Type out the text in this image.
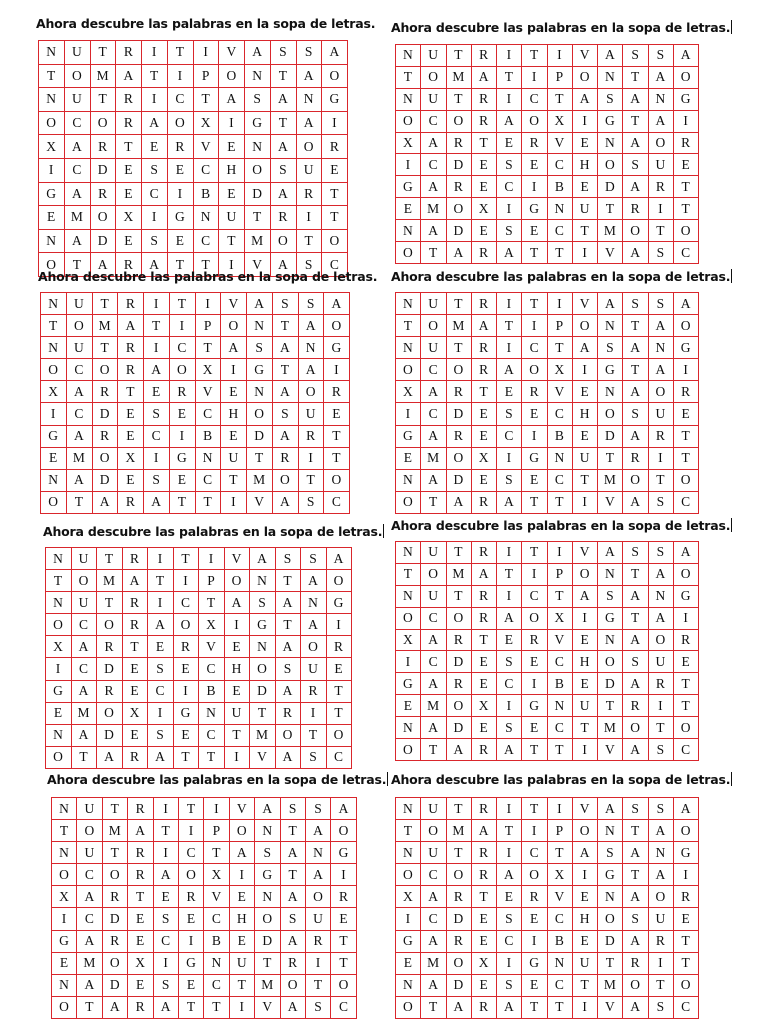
Ahora descubre las palabras en la sopa de letras.
N	U	T	R	I	T	I	V	A	S	S	A
T	O	M	A	T	I	P	O	N	T	A	O
N	U	T	R	I	C	T	A	S	A	N	G
O	C	O	R	A	O	X	I	G	T	A	I
X	A	R	T	E	R	V	E	N	A	O	R
I	C	D	E	S	E	C	H	O	S	U	E
G	A	R	E	C	I	B	E	D	A	R	T
E	M	O	X	I	G	N	U	T	R	I	T
N	A	D	E	S	E	C	T	M	O	T	O
O	T	A	R	A	T	T	I	V	A	S	C
Ahora descubre las palabras en la sopa de letras.
N	U	T	R	I	T	I	V	A	S	S	A
T	O	M	A	T	I	P	O	N	T	A	O
N	U	T	R	I	C	T	A	S	A	N	G
O	C	O	R	A	O	X	I	G	T	A	I
X	A	R	T	E	R	V	E	N	A	O	R
I	C	D	E	S	E	C	H	O	S	U	E
G	A	R	E	C	I	B	E	D	A	R	T
E	M	O	X	I	G	N	U	T	R	I	T
N	A	D	E	S	E	C	T	M	O	T	O
O	T	A	R	A	T	T	I	V	A	S	C
Ahora descubre las palabras en la sopa de letras.
N	U	T	R	I	T	I	V	A	S	S	A
T	O	M	A	T	I	P	O	N	T	A	O
N	U	T	R	I	C	T	A	S	A	N	G
O	C	O	R	A	O	X	I	G	T	A	I
X	A	R	T	E	R	V	E	N	A	O	R
I	C	D	E	S	E	C	H	O	S	U	E
G	A	R	E	C	I	B	E	D	A	R	T
E	M	O	X	I	G	N	U	T	R	I	T
N	A	D	E	S	E	C	T	M	O	T	O
O	T	A	R	A	T	T	I	V	A	S	C
Ahora descubre las palabras en la sopa de letras.
N	U	T	R	I	T	I	V	A	S	S	A
T	O	M	A	T	I	P	O	N	T	A	O
N	U	T	R	I	C	T	A	S	A	N	G
O	C	O	R	A	O	X	I	G	T	A	I
X	A	R	T	E	R	V	E	N	A	O	R
I	C	D	E	S	E	C	H	O	S	U	E
G	A	R	E	C	I	B	E	D	A	R	T
E	M	O	X	I	G	N	U	T	R	I	T
N	A	D	E	S	E	C	T	M	O	T	O
O	T	A	R	A	T	T	I	V	A	S	C
Ahora descubre las palabras en la sopa de letras.
N	U	T	R	I	T	I	V	A	S	S	A
T	O	M	A	T	I	P	O	N	T	A	O
N	U	T	R	I	C	T	A	S	A	N	G
O	C	O	R	A	O	X	I	G	T	A	I
X	A	R	T	E	R	V	E	N	A	O	R
I	C	D	E	S	E	C	H	O	S	U	E
G	A	R	E	C	I	B	E	D	A	R	T
E	M	O	X	I	G	N	U	T	R	I	T
N	A	D	E	S	E	C	T	M	O	T	O
O	T	A	R	A	T	T	I	V	A	S	C
Ahora descubre las palabras en la sopa de letras.
N	U	T	R	I	T	I	V	A	S	S	A
T	O	M	A	T	I	P	O	N	T	A	O
N	U	T	R	I	C	T	A	S	A	N	G
O	C	O	R	A	O	X	I	G	T	A	I
X	A	R	T	E	R	V	E	N	A	O	R
I	C	D	E	S	E	C	H	O	S	U	E
G	A	R	E	C	I	B	E	D	A	R	T
E	M	O	X	I	G	N	U	T	R	I	T
N	A	D	E	S	E	C	T	M	O	T	O
O	T	A	R	A	T	T	I	V	A	S	C
Ahora descubre las palabras en la sopa de letras.
N	U	T	R	I	T	I	V	A	S	S	A
T	O	M	A	T	I	P	O	N	T	A	O
N	U	T	R	I	C	T	A	S	A	N	G
O	C	O	R	A	O	X	I	G	T	A	I
X	A	R	T	E	R	V	E	N	A	O	R
I	C	D	E	S	E	C	H	O	S	U	E
G	A	R	E	C	I	B	E	D	A	R	T
E	M	O	X	I	G	N	U	T	R	I	T
N	A	D	E	S	E	C	T	M	O	T	O
O	T	A	R	A	T	T	I	V	A	S	C
Ahora descubre las palabras en la sopa de letras.
N	U	T	R	I	T	I	V	A	S	S	A
T	O	M	A	T	I	P	O	N	T	A	O
N	U	T	R	I	C	T	A	S	A	N	G
O	C	O	R	A	O	X	I	G	T	A	I
X	A	R	T	E	R	V	E	N	A	O	R
I	C	D	E	S	E	C	H	O	S	U	E
G	A	R	E	C	I	B	E	D	A	R	T
E	M	O	X	I	G	N	U	T	R	I	T
N	A	D	E	S	E	C	T	M	O	T	O
O	T	A	R	A	T	T	I	V	A	S	C
